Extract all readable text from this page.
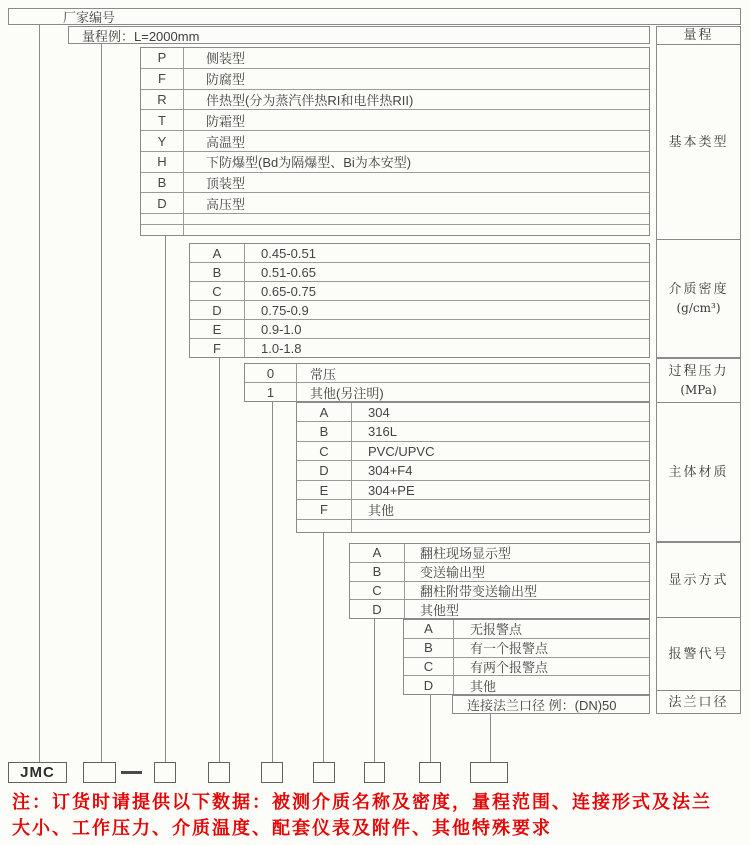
厂家编号
量程例：L=2000mm	量程
基本类型
介质密度
(g/cm³)
过程压力
(MPa)
主体材质
显示方式
报警代号
法兰口径
P	侧装型
F	防腐型
R	伴热型(分为蒸汽伴热RI和电伴热RII)
T	防霜型
Y	高温型
H	下防爆型(Bd为隔爆型、Bi为本安型)
B	顶装型
D	高压型
A	0.45-0.51
B	0.51-0.65
C	0.65-0.75
D	0.75-0.9
E	0.9-1.0
F	1.0-1.8
0	常压
1	其他(另注明)
A	304
B	316L
C	PVC/UPVC
D	304+F4
E	304+PE
F	其他
A	翻柱现场显示型
B	变送输出型
C	翻柱附带变送输出型
D	其他型
A	无报警点
B	有一个报警点
C	有两个报警点
D	其他
连接法兰口径 例：(DN)50
JMC
注：订货时请提供以下数据：被测介质名称及密度，量程范围、连接形式及法兰
大小、工作压力、介质温度、配套仪表及附件、其他特殊要求
